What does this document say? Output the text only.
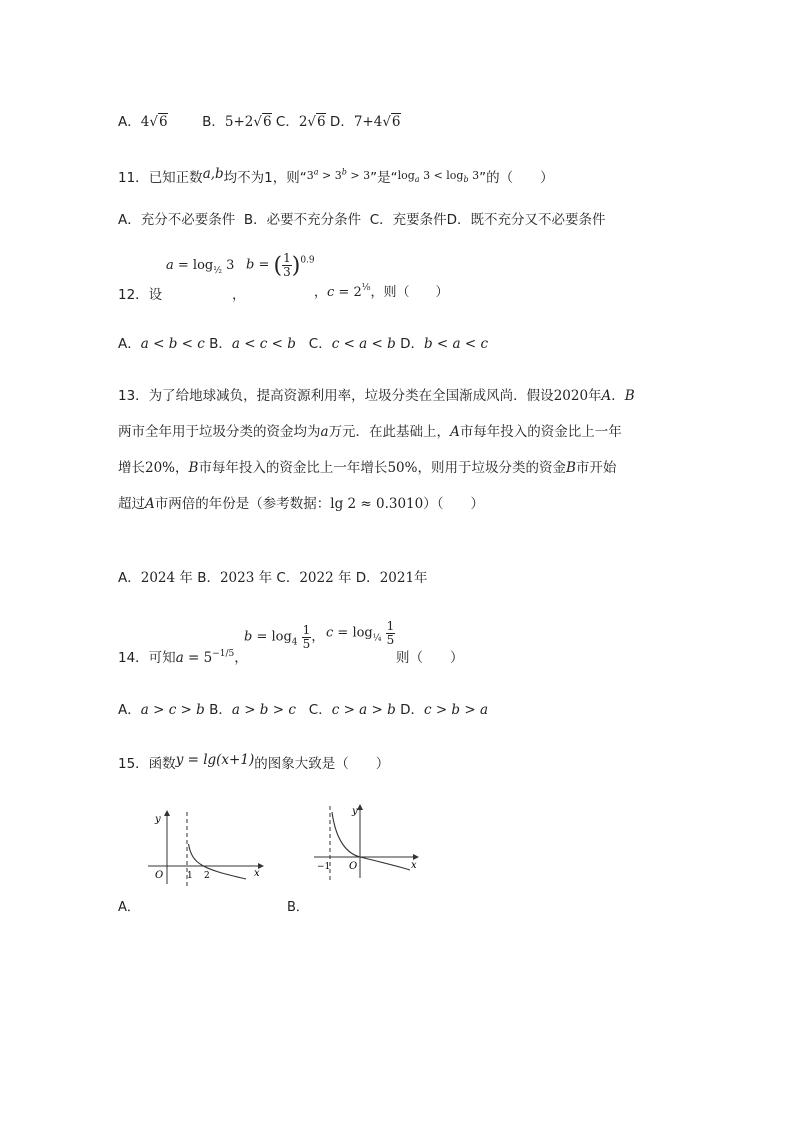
A．4√6	B．5+2√6 C．2√6 D．7+4√6
11．已知正数a,b均不为1，则“$^{3^a > 3^b > 3}$”是“$^{log_a 3 < log_b 3}$”的（　　）
A．充分不必要条件 B．必要不充分条件 C．充要条件D．既不充分又不必要条件
12．设
$a = \log_{\frac{1}{2}} 3$
，
b = ( $\frac{1}{3} )^{0.9}$
，$c = 2^{\frac{1}{8}}$，则（　　）
A．a < b < c B．a < c < b C．c < a < b D．b < a < c
13．为了给地球减负，提高资源利用率，垃圾分类在全国渐成风尚．假设2020年A．B
两市全年用于垃圾分类的资金均为a万元．在此基础上，A市每年投入的资金比上一年
增长20%，B市每年投入的资金比上一年增长50%，则用于垃圾分类的资金B市开始
超过A市两倍的年份是（参考数据：lg 2 ≈ 0.3010）（　　）
A．2024 年 B．2023 年 C．2022 年 D．2021年
14．可知$a = 5^{-1/5}$，
$b = \log_4 \frac{1}{5}$ ， $c = \log_{\frac{1}{4}} \frac{1}{5}$
则（　　）
A．a > c > b B．a > b > c C．c > a > b D．c > b > a
15．函数y = lg(x+1)的图象大致是（　　）
y
x
O	1 2
A．
y
x
O
−1
B．
